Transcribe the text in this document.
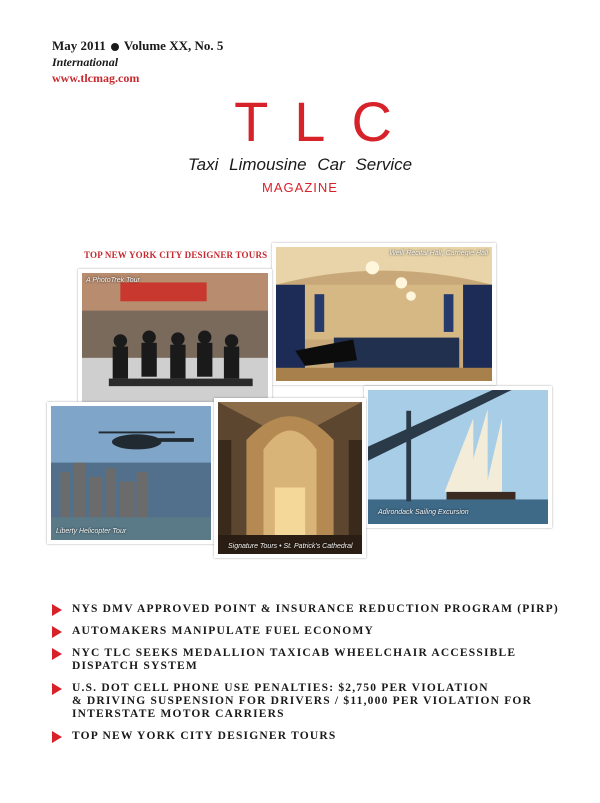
May 2011 Volume XX, No. 5
International
www.tlcmag.com
TLC
Taxi Limousine Car Service
MAGAZINE
TOP NEW YORK CITY DESIGNER TOURS	Weill Recital Hall, Carnegie Hall
A PhotoTrek Tour
Liberty Helicopter Tour
Adirondack Sailing Excursion
Signature Tours • St. Patrick's Cathedral
NYS DMV APPROVED POINT & INSURANCE REDUCTION PROGRAM (PIRP)
AUTOMAKERS MANIPULATE FUEL ECONOMY
NYC TLC SEEKS MEDALLION TAXICAB WHEELCHAIR ACCESSIBLE
DISPATCH SYSTEM
U.S. DOT CELL PHONE USE PENALTIES: $2,750 PER VIOLATION
& DRIVING SUSPENSION FOR DRIVERS / $11,000 PER VIOLATION FOR
INTERSTATE MOTOR CARRIERS
TOP NEW YORK CITY DESIGNER TOURS
